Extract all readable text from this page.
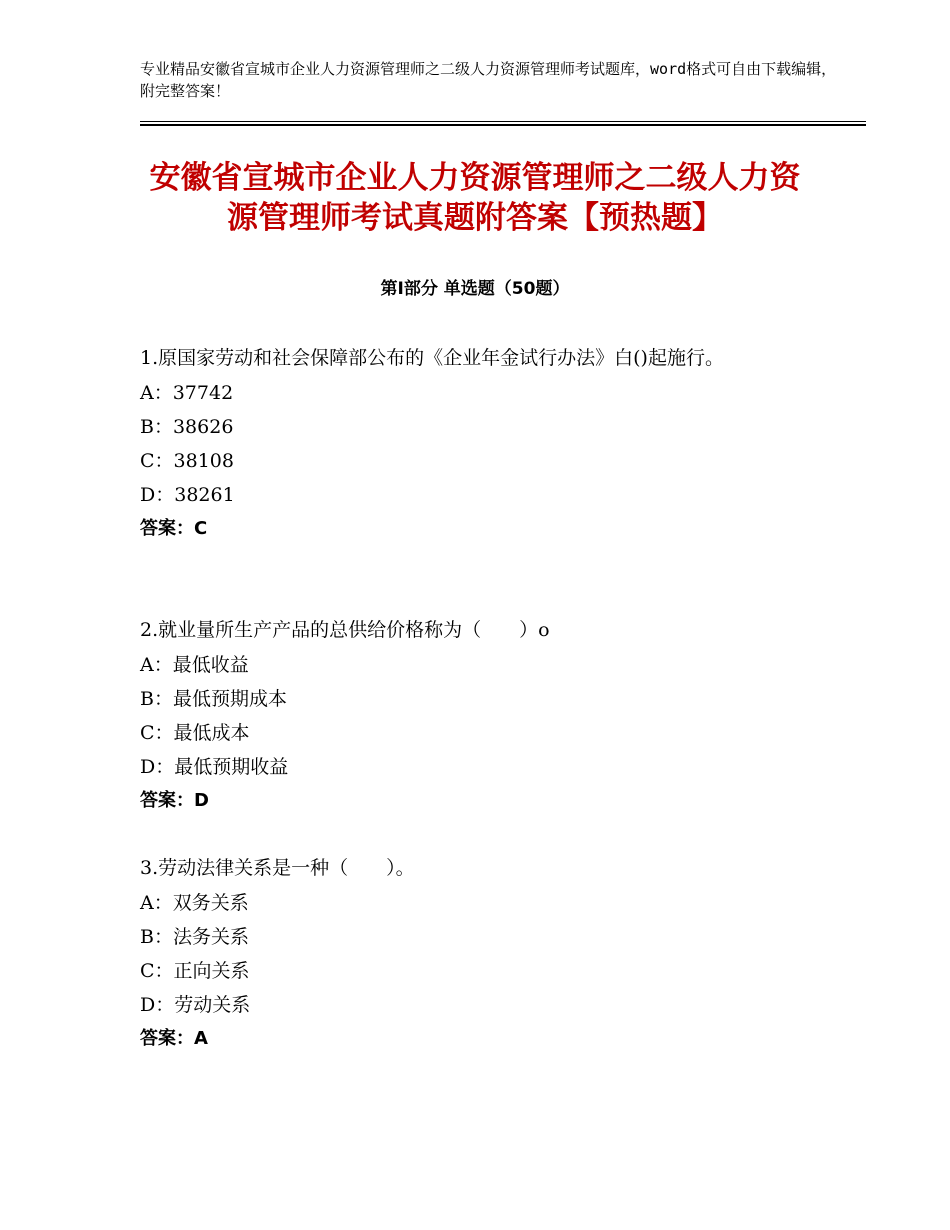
专业精品安徽省宣城市企业人力资源管理师之二级人力资源管理师考试题库，word格式可自由下载编辑，附完整答案！

安徽省宣城市企业人力资源管理师之二级人力资源管理师考试真题附答案【预热题】
第Ⅰ部分 单选题（50题）

1.原国家劳动和社会保障部公布的《企业年金试行办法》白()起施行。

A：37742

B：38626

C：38108

D：38261

答案：C

2.就业量所生产产品的总供给价格称为（　　）o

A：最低收益

B：最低预期成本

C：最低成本

D：最低预期收益

答案：D

3.劳动法律关系是一种（　　）。

A：双务关系

B：法务关系

C：正向关系

D：劳动关系

答案：A
